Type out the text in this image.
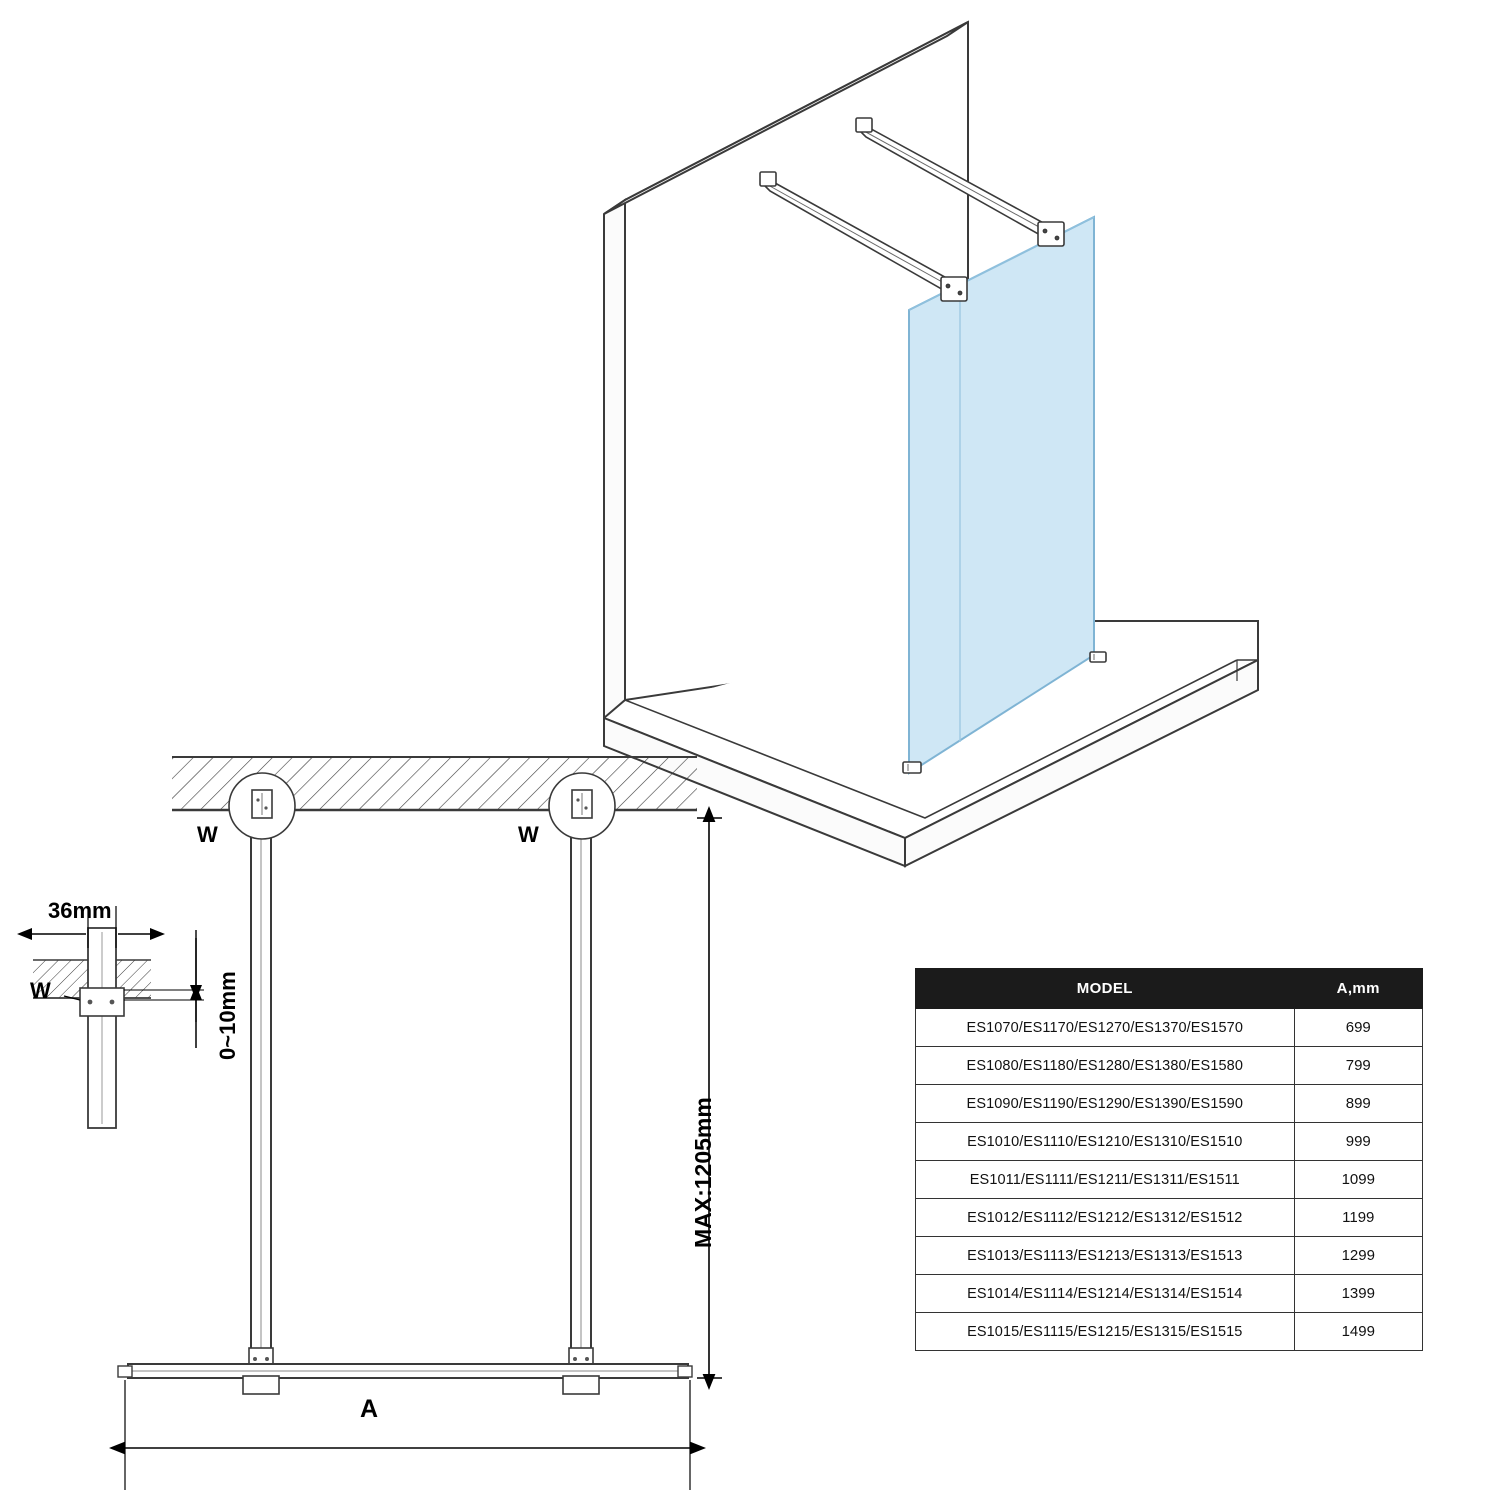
W	W
W
36mm
A
MAX:1205mm
0~10mm	MODEL	A,mm
ES1070/ES1170/ES1270/ES1370/ES1570	699
ES1080/ES1180/ES1280/ES1380/ES1580	799
ES1090/ES1190/ES1290/ES1390/ES1590	899
ES1010/ES1110/ES1210/ES1310/ES1510	999
ES1011/ES1111/ES1211/ES1311/ES1511	1099
ES1012/ES1112/ES1212/ES1312/ES1512	1199
ES1013/ES1113/ES1213/ES1313/ES1513	1299
ES1014/ES1114/ES1214/ES1314/ES1514	1399
ES1015/ES1115/ES1215/ES1315/ES1515	1499
